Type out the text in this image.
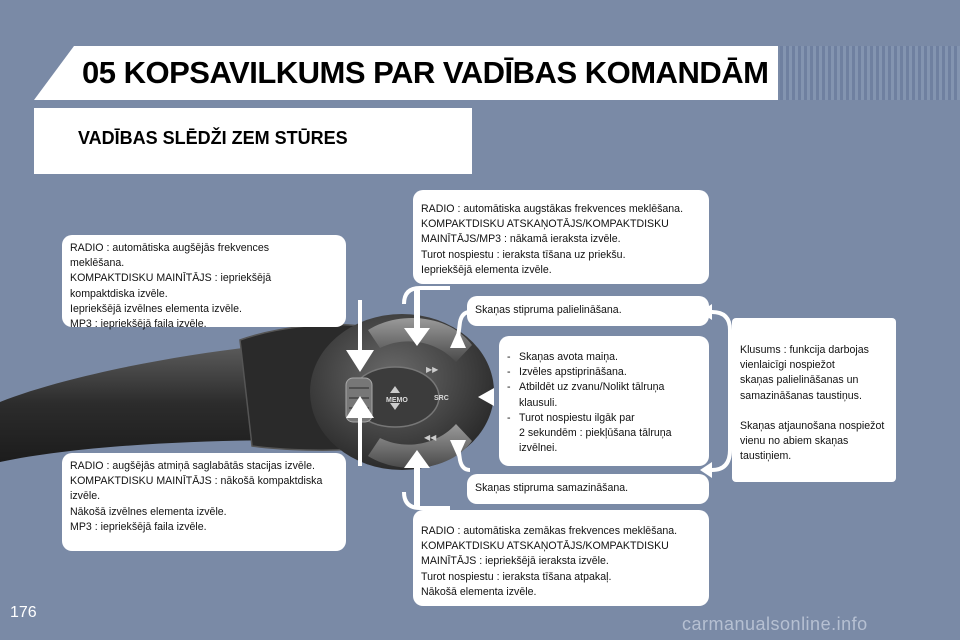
05 KOPSAVILKUMS PAR VADĪBAS KOMANDĀM
VADĪBAS SLĒDŽI ZEM STŪRES
MEMO	SRC
▶▶
◀◀
RADIO : automātiska augšējās frekvences
meklēšana.
KOMPAKTDISKU MAINĪTĀJS : iepriekšējā
kompaktdiska izvēle.
Iepriekšējā izvēlnes elementa izvēle.
MP3 : iepriekšējā faila izvēle.
RADIO : augšējās atmiņā saglabātās stacijas izvēle.
KOMPAKTDISKU MAINĪTĀJS : nākošā kompaktdiska
izvēle.
Nākošā izvēlnes elementa izvēle.
MP3 : iepriekšējā faila izvēle.
RADIO : automātiska augstākas frekvences meklēšana.
KOMPAKTDISKU ATSKAŅOTĀJS/KOMPAKTDISKU
MAINĪTĀJS/MP3 : nākamā ieraksta izvēle.
Turot nospiestu : ieraksta tīšana uz priekšu.
Iepriekšējā elementa izvēle.
Skaņas stipruma palielināšana.
- Skaņas avota maiņa.
- Izvēles apstiprināšana.
- Atbildēt uz zvanu/Nolikt tālruņa
klausuli.
- Turot nospiestu ilgāk par
2 sekundēm : piekļūšana tālruņa
izvēlnei.
Skaņas stipruma samazināšana.
RADIO : automātiska zemākas frekvences meklēšana.
KOMPAKTDISKU ATSKAŅOTĀJS/KOMPAKTDISKU
MAINĪTĀJS : iepriekšējā ieraksta izvēle.
Turot nospiestu : ieraksta tīšana atpakaļ.
Nākošā elementa izvēle.
Klusums : funkcija darbojas
vienlaicīgi nospiežot
skaņas palielināšanas un
samazināšanas taustiņus.
Skaņas atjaunošana nospiežot
vienu no abiem skaņas
taustiņiem.
176
carmanualsonline.info
